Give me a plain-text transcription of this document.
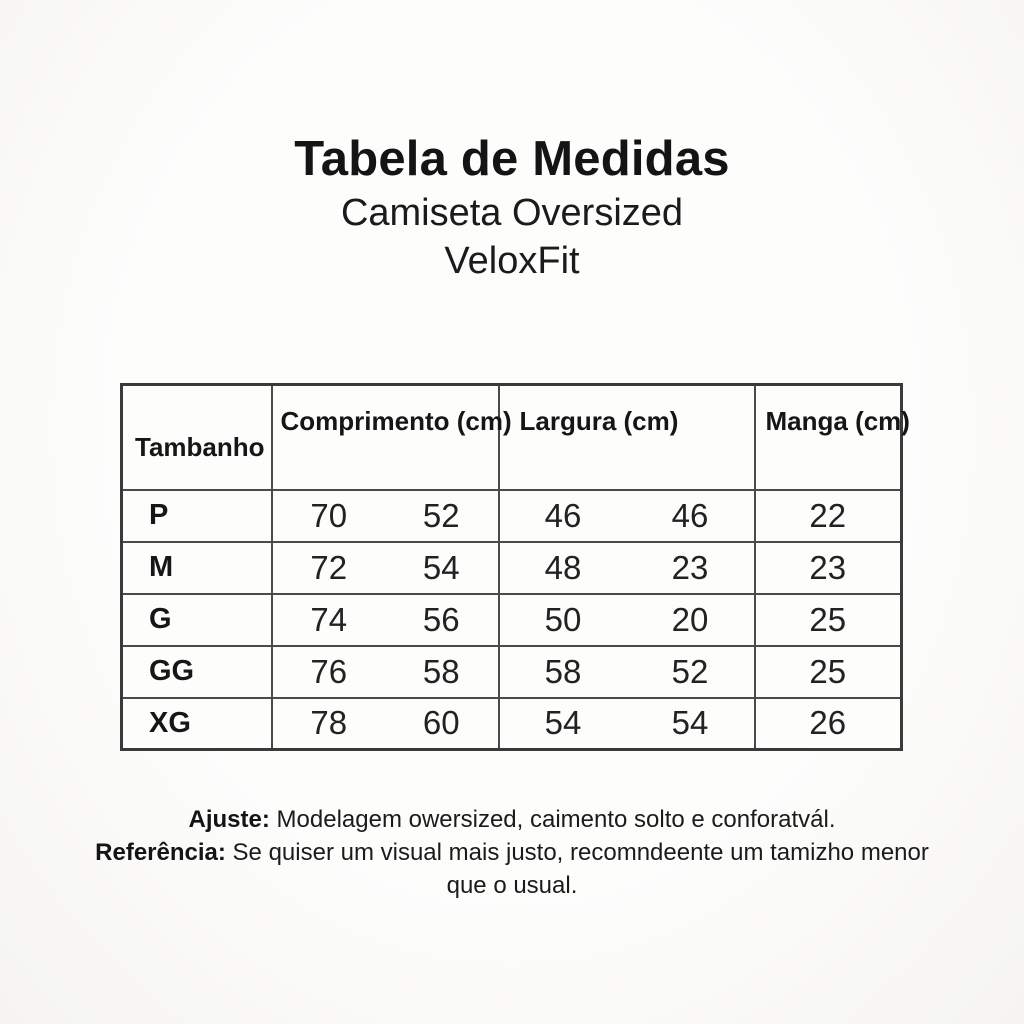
Tabela de Medidas
Camiseta Oversized
VeloxFit
Tambanho	Comprimento (cm)	Largura (cm)	Manga (cm)
P	70 52	46 46	22
M	72 54	48 23	23
G	74 56	50 20	25
GG	76 58	58 52	25
XG	78 60	54 54	26

Ajuste: Modelagem owersized, caimento solto e conforatvál.

Referência: Se quiser um visual mais justo, recomndeente um tamizho menor que o usual.
